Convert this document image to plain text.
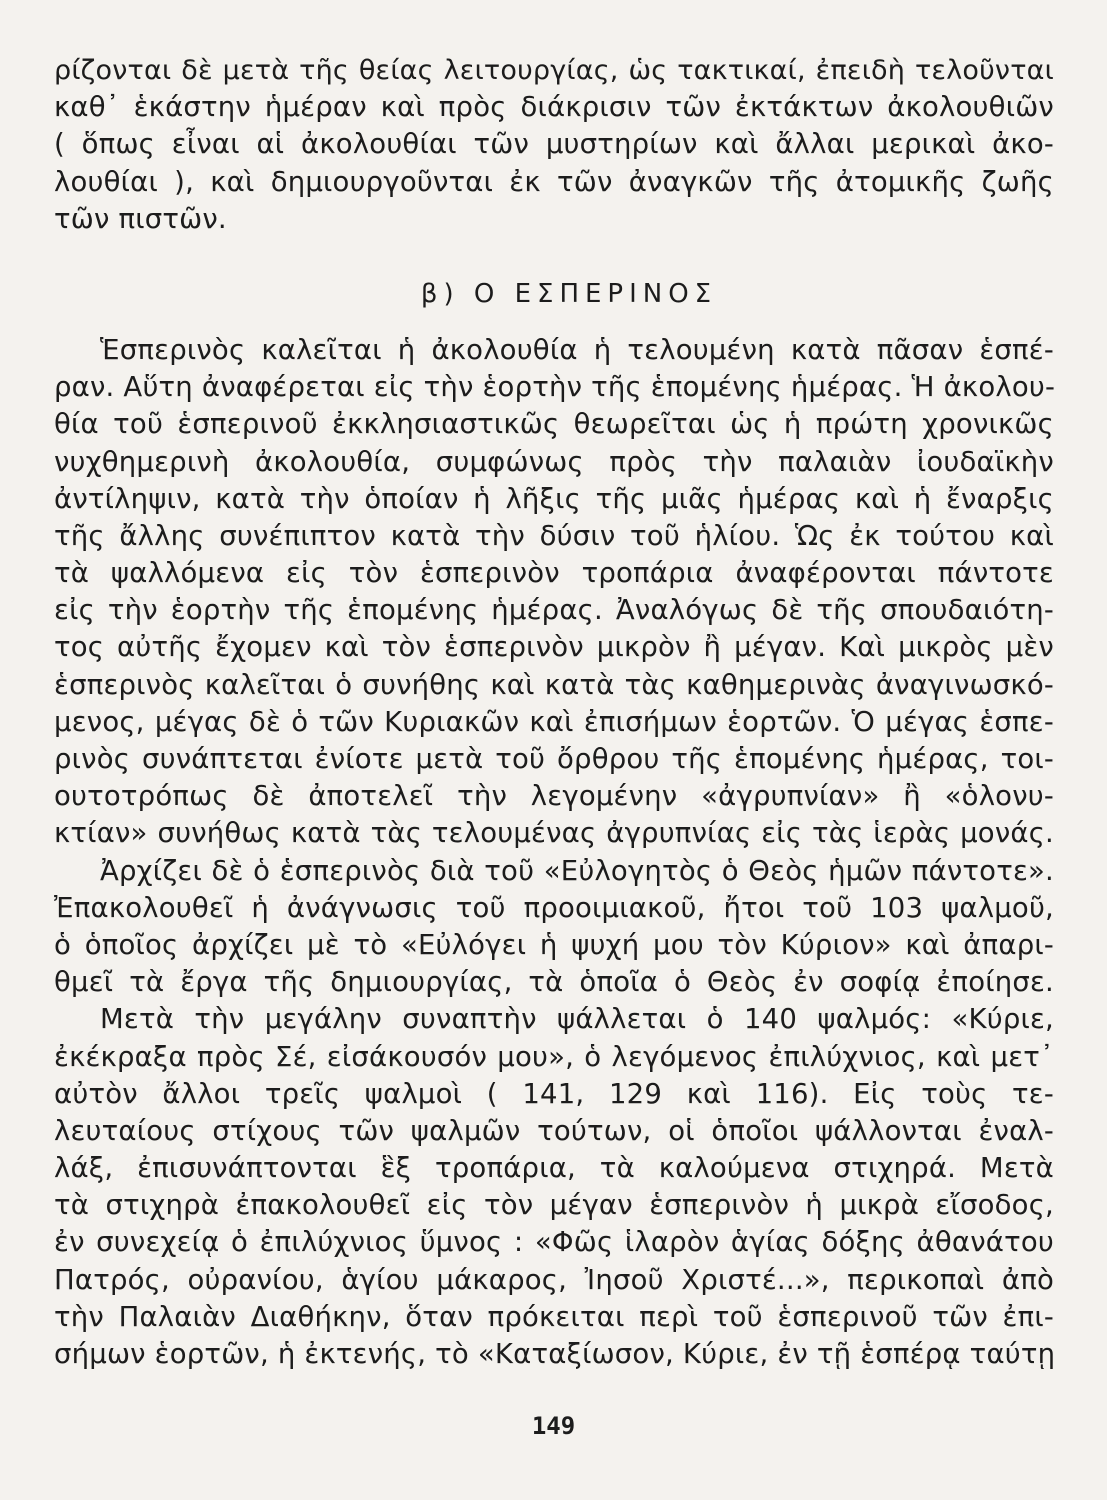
ρίζονται δὲ μετὰ τῆς θείας λειτουργίας, ὡς τακτικαί, ἐπειδὴ τελοῦνται
καθ᾽ ἑκάστην ἡμέραν καὶ πρὸς διάκρισιν τῶν ἐκτάκτων ἀκολουθιῶν
( ὅπως εἶναι αἱ ἀκολουθίαι τῶν μυστηρίων καὶ ἄλλαι μερικαὶ ἀκο-
λουθίαι ), καὶ δημιουργοῦνται ἐκ τῶν ἀναγκῶν τῆς ἀτομικῆς ζωῆς
τῶν πιστῶν.
β) Ο ΕΣΠΕΡΙΝΟΣ
Ἑσπερινὸς καλεῖται ἡ ἀκολουθία ἡ τελουμένη κατὰ πᾶσαν ἑσπέ-
ραν. Αὕτη ἀναφέρεται εἰς τὴν ἑορτὴν τῆς ἑπομένης ἡμέρας. Ἡ ἀκολου-
θία τοῦ ἑσπερινοῦ ἐκκλησιαστικῶς θεωρεῖται ὡς ἡ πρώτη χρονικῶς
νυχθημερινὴ ἀκολουθία, συμφώνως πρὸς τὴν παλαιὰν ἰουδαϊκὴν
ἀντίληψιν, κατὰ τὴν ὁποίαν ἡ λῆξις τῆς μιᾶς ἡμέρας καὶ ἡ ἔναρξις
τῆς ἄλλης συνέπιπτον κατὰ τὴν δύσιν τοῦ ἡλίου. Ὡς ἐκ τούτου καὶ
τὰ ψαλλόμενα εἰς τὸν ἑσπερινὸν τροπάρια ἀναφέρονται πάντοτε
εἰς τὴν ἑορτὴν τῆς ἑπομένης ἡμέρας. Ἀναλόγως δὲ τῆς σπουδαιότη-
τος αὐτῆς ἔχομεν καὶ τὸν ἑσπερινὸν μικρὸν ἢ μέγαν. Καὶ μικρὸς μὲν
ἑσπερινὸς καλεῖται ὁ συνήθης καὶ κατὰ τὰς καθημερινὰς ἀναγινωσκό-
μενος, μέγας δὲ ὁ τῶν Κυριακῶν καὶ ἐπισήμων ἑορτῶν. Ὁ μέγας ἑσπε-
ρινὸς συνάπτεται ἐνίοτε μετὰ τοῦ ὄρθρου τῆς ἑπομένης ἡμέρας, τοι-
ουτοτρόπως δὲ ἀποτελεῖ τὴν λεγομένην «ἀγρυπνίαν» ἢ «ὁλονυ-
κτίαν» συνήθως κατὰ τὰς τελουμένας ἀγρυπνίας εἰς τὰς ἱερὰς μονάς.
Ἀρχίζει δὲ ὁ ἑσπερινὸς διὰ τοῦ «Εὐλογητὸς ὁ Θεὸς ἡμῶν πάντοτε».
Ἐπακολουθεῖ ἡ ἀνάγνωσις τοῦ προοιμιακοῦ, ἤτοι τοῦ 103 ψαλμοῦ,
ὁ ὁποῖος ἀρχίζει μὲ τὸ «Εὐλόγει ἡ ψυχή μου τὸν Κύριον» καὶ ἀπαρι-
θμεῖ τὰ ἔργα τῆς δημιουργίας, τὰ ὁποῖα ὁ Θεὸς ἐν σοφίᾳ ἐποίησε.
Μετὰ τὴν μεγάλην συναπτὴν ψάλλεται ὁ 140 ψαλμός: «Κύριε,
ἐκέκραξα πρὸς Σέ, εἰσάκουσόν μου», ὁ λεγόμενος ἐπιλύχνιος, καὶ μετ᾽
αὐτὸν ἄλλοι τρεῖς ψαλμοὶ ( 141, 129 καὶ 116). Εἰς τοὺς τε-
λευταίους στίχους τῶν ψαλμῶν τούτων, οἱ ὁποῖοι ψάλλονται ἐναλ-
λάξ, ἐπισυνάπτονται ἓξ τροπάρια, τὰ καλούμενα στιχηρά. Μετὰ
τὰ στιχηρὰ ἐπακολουθεῖ εἰς τὸν μέγαν ἑσπερινὸν ἡ μικρὰ εἴσοδος,
ἐν συνεχείᾳ ὁ ἐπιλύχνιος ὕμνος : «Φῶς ἱλαρὸν ἁγίας δόξης ἀθανάτου
Πατρός, οὐρανίου, ἁγίου μάκαρος, Ἰησοῦ Χριστέ...», περικοπαὶ ἀπὸ
τὴν Παλαιὰν Διαθήκην, ὅταν πρόκειται περὶ τοῦ ἑσπερινοῦ τῶν ἐπι-
σήμων ἑορτῶν, ἡ ἐκτενής, τὸ «Καταξίωσον, Κύριε, ἐν τῇ ἑσπέρᾳ ταύτῃ
149
